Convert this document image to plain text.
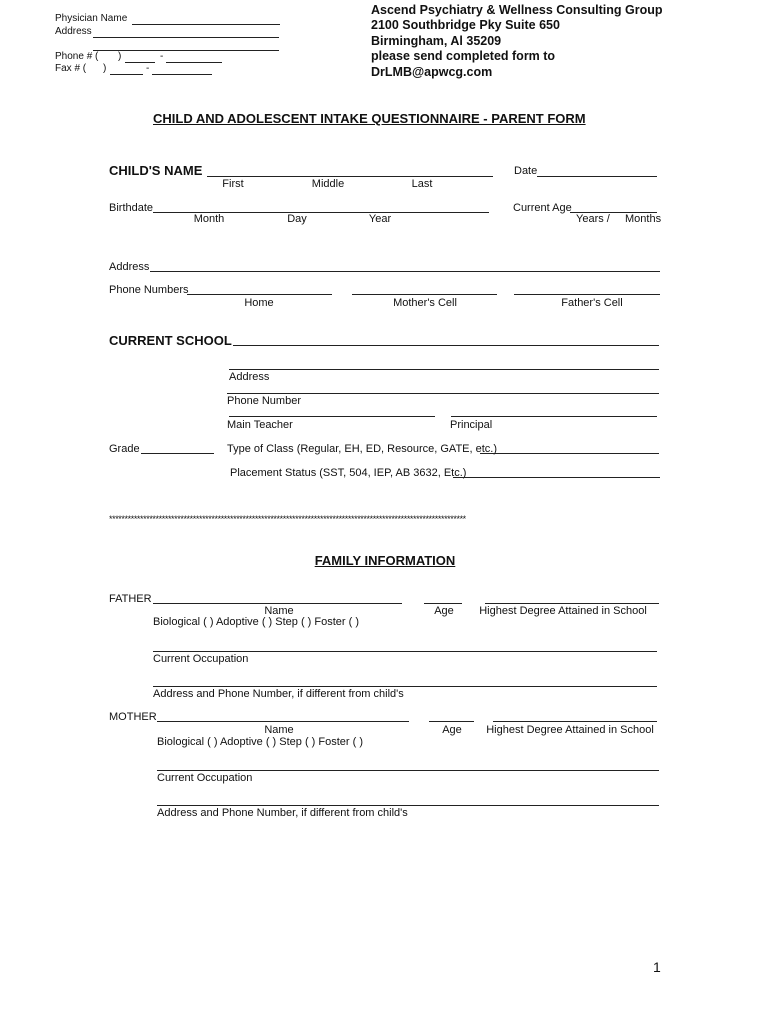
Physician Name
Address
Phone # ( )	-
Fax # ( )	-
Ascend Psychiatry & Wellness Consulting Group
2100 Southbridge Pky Suite 650
Birmingham, Al 35209
please send completed form to
DrLMB@apwcg.com
CHILD AND ADOLESCENT INTAKE QUESTIONNAIRE - PARENT FORM
CHILD'S NAME
First	Middle	Last
Date
Birthdate
Month	Day	Year
Current Age
Years / Months
Address
Phone Numbers
Home	Mother's Cell	Father's Cell
CURRENT SCHOOL
Address
Phone Number
Main Teacher	Principal
Grade	Type of Class (Regular, EH, ED, Resource, GATE, etc.)
Placement Status (SST, 504, IEP, AB 3632, Etc.)
*******************************************************************************************************************
FAMILY INFORMATION
FATHER
Name	Age Highest Degree Attained in School
Biological ( ) Adoptive ( ) Step ( ) Foster ( )
Current Occupation
Address and Phone Number, if different from child's
MOTHER
Name	Age Highest Degree Attained in School
Biological ( ) Adoptive ( ) Step ( ) Foster ( )
Current Occupation
Address and Phone Number, if different from child's
1
